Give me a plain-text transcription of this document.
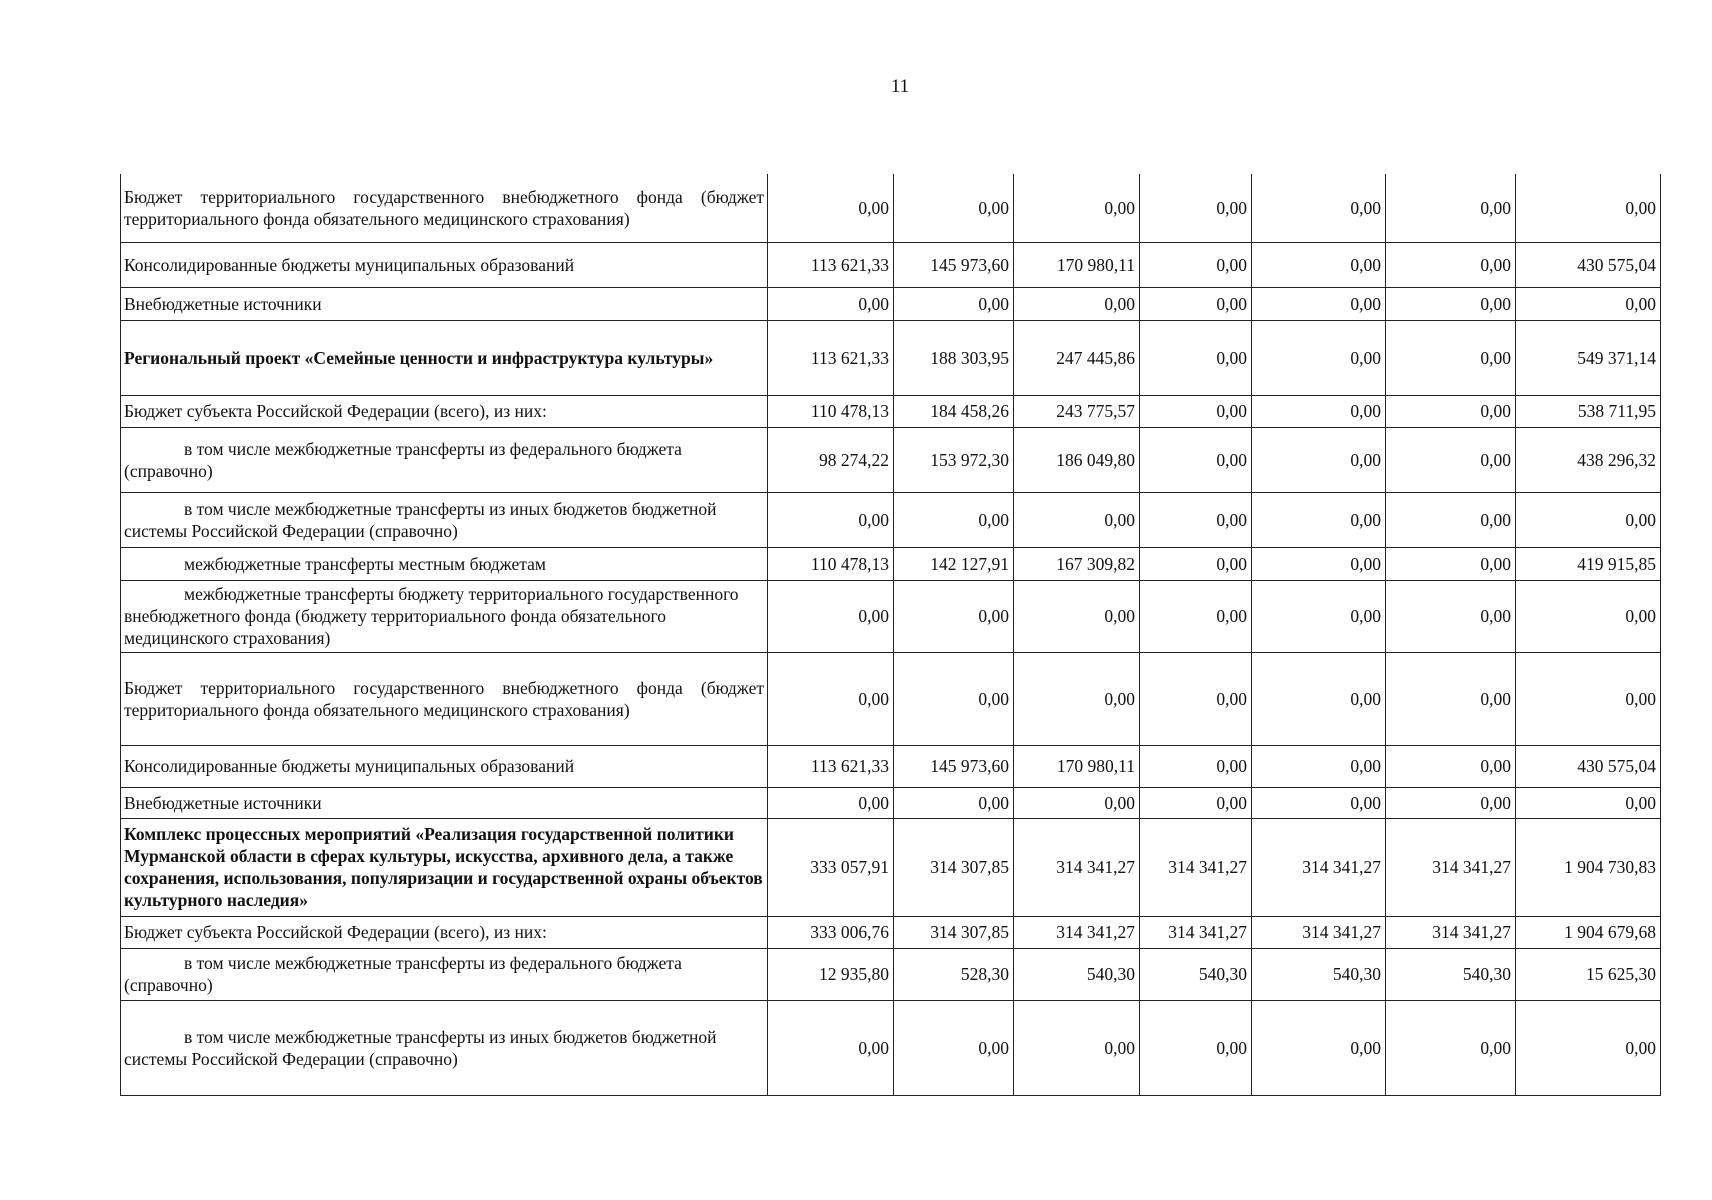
11
Бюджет территориального государственного внебюджетного фонда (бюджет территориального фонда обязательного медицинского страхования)	0,00	0,00	0,00	0,00	0,00	0,00	0,00
Консолидированные бюджеты муниципальных образований	113 621,33	145 973,60	170 980,11	0,00	0,00	0,00	430 575,04
Внебюджетные источники	0,00	0,00	0,00	0,00	0,00	0,00	0,00
Региональный проект «Семейные ценности и инфраструктура культуры»	113 621,33	188 303,95	247 445,86	0,00	0,00	0,00	549 371,14
Бюджет субъекта Российской Федерации (всего), из них:	110 478,13	184 458,26	243 775,57	0,00	0,00	0,00	538 711,95
в том числе межбюджетные трансферты из федерального бюджета (справочно)	98 274,22	153 972,30	186 049,80	0,00	0,00	0,00	438 296,32
в том числе межбюджетные трансферты из иных бюджетов бюджетной системы Российской Федерации (справочно)	0,00	0,00	0,00	0,00	0,00	0,00	0,00
межбюджетные трансферты местным бюджетам	110 478,13	142 127,91	167 309,82	0,00	0,00	0,00	419 915,85
межбюджетные трансферты бюджету территориального государственного внебюджетного фонда (бюджету территориального фонда обязательного медицинского страхования)	0,00	0,00	0,00	0,00	0,00	0,00	0,00
Бюджет территориального государственного внебюджетного фонда (бюджет территориального фонда обязательного медицинского страхования)	0,00	0,00	0,00	0,00	0,00	0,00	0,00
Консолидированные бюджеты муниципальных образований	113 621,33	145 973,60	170 980,11	0,00	0,00	0,00	430 575,04
Внебюджетные источники	0,00	0,00	0,00	0,00	0,00	0,00	0,00
Комплекс процессных мероприятий «Реализация государственной политики Мурманской области в сферах культуры, искусства, архивного дела, а также сохранения, использования, популяризации и государственной охраны объектов культурного наследия»	333 057,91	314 307,85	314 341,27	314 341,27	314 341,27	314 341,27	1 904 730,83
Бюджет субъекта Российской Федерации (всего), из них:	333 006,76	314 307,85	314 341,27	314 341,27	314 341,27	314 341,27	1 904 679,68
в том числе межбюджетные трансферты из федерального бюджета (справочно)	12 935,80	528,30	540,30	540,30	540,30	540,30	15 625,30
в том числе межбюджетные трансферты из иных бюджетов бюджетной системы Российской Федерации (справочно)	0,00	0,00	0,00	0,00	0,00	0,00	0,00
